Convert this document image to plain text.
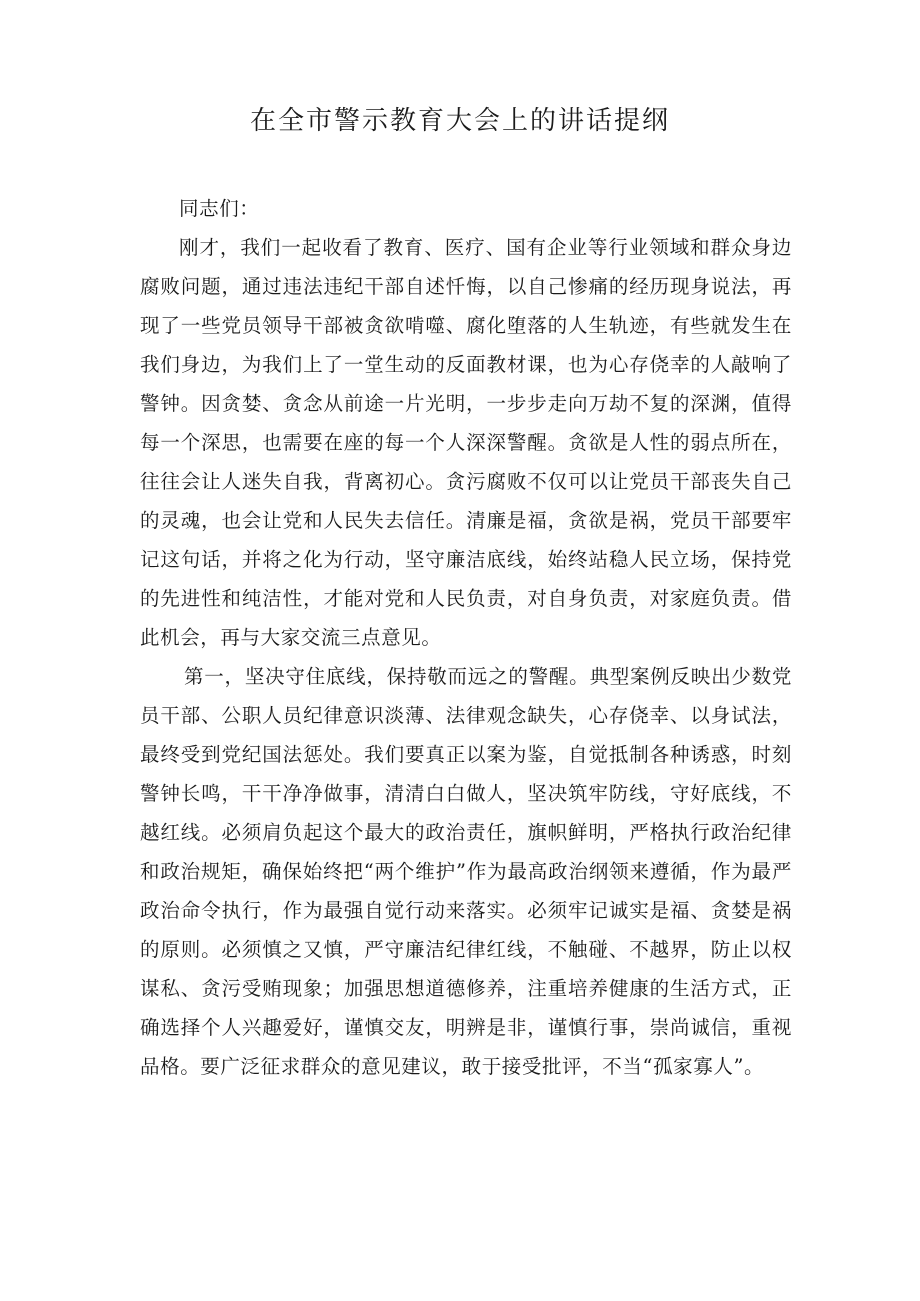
在全市警示教育大会上的讲话提纲

同志们：

刚才，我们一起收看了教育、医疗、国有企业等行业领域和群众身边腐败问题，通过违法违纪干部自述忏悔，以自己惨痛的经历现身说法，再现了一些党员领导干部被贪欲啃噬、腐化堕落的人生轨迹，有些就发生在我们身边，为我们上了一堂生动的反面教材课，也为心存侥幸的人敲响了警钟。因贪婪、贪念从前途一片光明，一步步走向万劫不复的深渊，值得每一个深思，也需要在座的每一个人深深警醒。贪欲是人性的弱点所在，往往会让人迷失自我，背离初心。贪污腐败不仅可以让党员干部丧失自己的灵魂，也会让党和人民失去信任。清廉是福，贪欲是祸，党员干部要牢记这句话，并将之化为行动，坚守廉洁底线，始终站稳人民立场，保持党的先进性和纯洁性，才能对党和人民负责，对自身负责，对家庭负责。借此机会，再与大家交流三点意见。

第一，坚决守住底线，保持敬而远之的警醒。典型案例反映出少数党员干部、公职人员纪律意识淡薄、法律观念缺失，心存侥幸、以身试法，最终受到党纪国法惩处。我们要真正以案为鉴，自觉抵制各种诱惑，时刻警钟长鸣，干干净净做事，清清白白做人，坚决筑牢防线，守好底线，不越红线。必须肩负起这个最大的政治责任，旗帜鲜明，严格执行政治纪律和政治规矩，确保始终把“两个维护”作为最高政治纲领来遵循，作为最严政治命令执行，作为最强自觉行动来落实。必须牢记诚实是福、贪婪是祸的原则。必须慎之又慎，严守廉洁纪律红线，不触碰、不越界，防止以权谋私、贪污受贿现象；加强思想道德修养，注重培养健康的生活方式，正确选择个人兴趣爱好，谨慎交友，明辨是非，谨慎行事，崇尚诚信，重视品格。要广泛征求群众的意见建议，敢于接受批评，不当“孤家寡人”。
